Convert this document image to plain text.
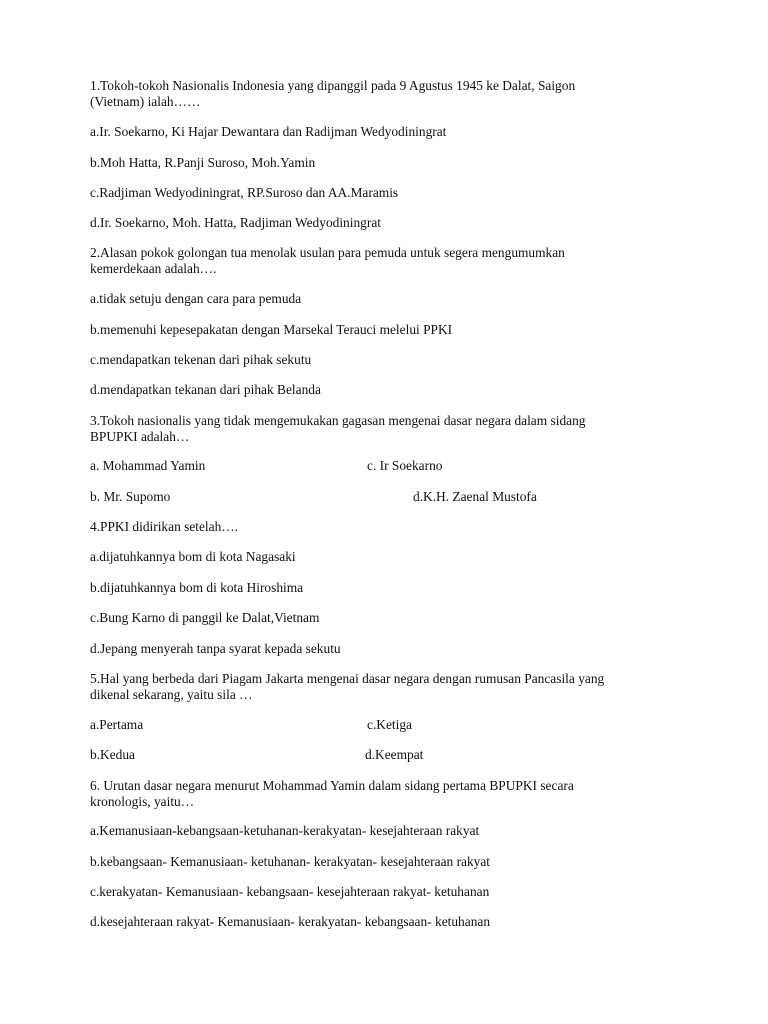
1.Tokoh-tokoh Nasionalis Indonesia yang dipanggil pada 9 Agustus 1945 ke Dalat, Saigon

(Vietnam) ialah……

a.Ir. Soekarno, Ki Hajar Dewantara dan Radijman Wedyodiningrat

b.Moh Hatta, R.Panji Suroso, Moh.Yamin

c.Radjiman Wedyodiningrat, RP.Suroso dan AA.Maramis

d.Ir. Soekarno, Moh. Hatta, Radjiman Wedyodiningrat

2.Alasan pokok golongan tua menolak usulan para pemuda untuk segera mengumumkan

kemerdekaan adalah….

a.tidak setuju dengan cara para pemuda

b.memenuhi kepesepakatan dengan Marsekal Terauci melelui PPKI

c.mendapatkan tekenan dari pihak sekutu

d.mendapatkan tekanan dari pihak Belanda

3.Tokoh nasionalis yang tidak mengemukakan gagasan mengenai dasar negara dalam sidang

BPUPKI adalah…

a. Mohammad Yamin	c. Ir Soekarno

b. Mr. Supomo	d.K.H. Zaenal Mustofa

4.PPKI didirikan setelah….

a.dijatuhkannya bom di kota Nagasaki

b.dijatuhkannya bom di kota Hiroshima

c.Bung Karno di panggil ke Dalat,Vietnam

d.Jepang menyerah tanpa syarat kepada sekutu

5.Hal yang berbeda dari Piagam Jakarta mengenai dasar negara dengan rumusan Pancasila yang

dikenal sekarang, yaitu sila …

a.Pertama	c.Ketiga

b.Kedua	d.Keempat

6. Urutan dasar negara menurut Mohammad Yamin dalam sidang pertama BPUPKI secara

kronologis, yaitu…

a.Kemanusiaan-kebangsaan-ketuhanan-kerakyatan- kesejahteraan rakyat

b.kebangsaan- Kemanusiaan- ketuhanan- kerakyatan- kesejahteraan rakyat

c.kerakyatan- Kemanusiaan- kebangsaan- kesejahteraan rakyat- ketuhanan

d.kesejahteraan rakyat- Kemanusiaan- kerakyatan- kebangsaan- ketuhanan
